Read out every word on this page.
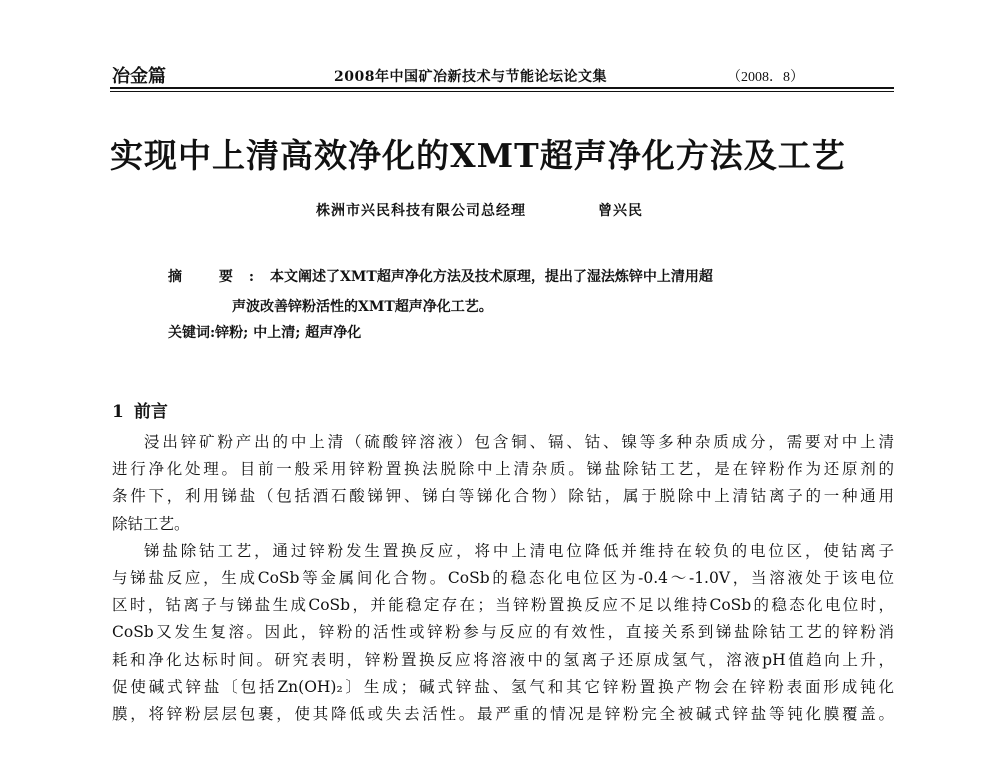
冶金篇	2008年中国矿冶新技术与节能论坛论文集	（2008．8）
实现中上清高效净化的XMT超声净化方法及工艺
株洲市兴民科技有限公司总经理	曾兴民
摘 要:本文阐述了XMT超声净化方法及技术原理，提出了湿法炼锌中上清用超
声波改善锌粉活性的XMT超声净化工艺。
关键词:锌粉; 中上清; 超声净化
1 前言
浸出锌矿粉产出的中上清（硫酸锌溶液）包含铜、镉、钴、镍等多种杂质成分，需要对中上清
进行净化处理。目前一般采用锌粉置换法脱除中上清杂质。锑盐除钴工艺，是在锌粉作为还原剂的
条件下，利用锑盐（包括酒石酸锑钾、锑白等锑化合物）除钴，属于脱除中上清钴离子的一种通用
除钴工艺。
锑盐除钴工艺，通过锌粉发生置换反应，将中上清电位降低并维持在较负的电位区，使钴离子
与锑盐反应，生成CoSb等金属间化合物。CoSb的稳态化电位区为-0.4～-1.0V，当溶液处于该电位
区时，钴离子与锑盐生成CoSb，并能稳定存在；当锌粉置换反应不足以维持CoSb的稳态化电位时，
CoSb又发生复溶。因此，锌粉的活性或锌粉参与反应的有效性，直接关系到锑盐除钴工艺的锌粉消
耗和净化达标时间。研究表明，锌粉置换反应将溶液中的氢离子还原成氢气，溶液pH值趋向上升，
促使碱式锌盐〔包括Zn(OH)₂〕生成；碱式锌盐、氢气和其它锌粉置换产物会在锌粉表面形成钝化
膜，将锌粉层层包裹，使其降低或失去活性。最严重的情况是锌粉完全被碱式锌盐等钝化膜覆盖。
